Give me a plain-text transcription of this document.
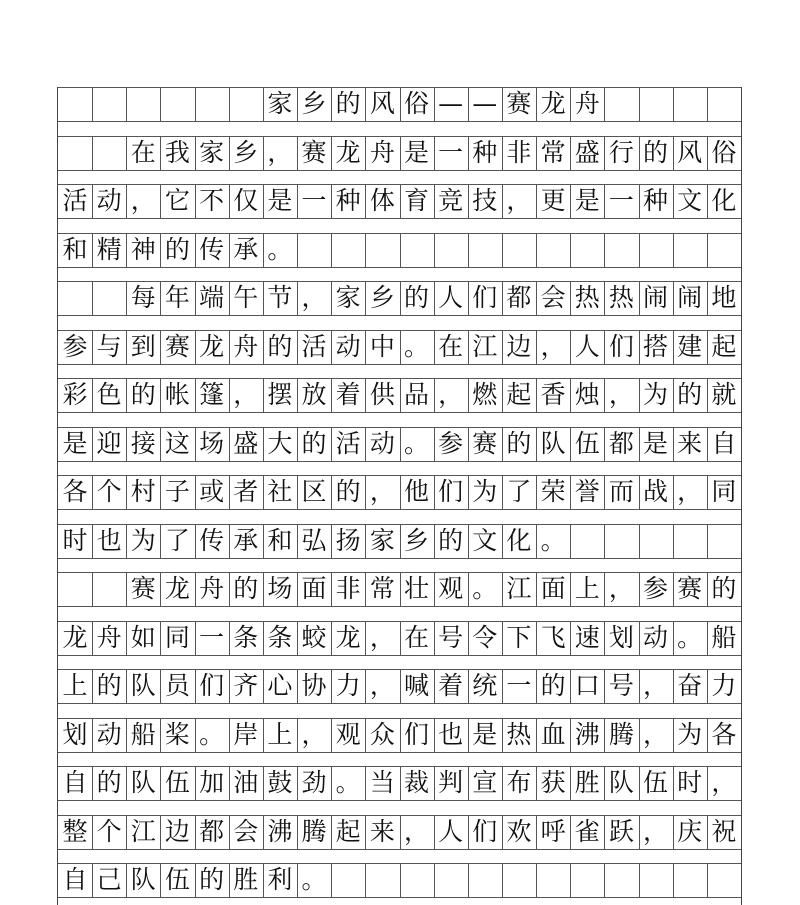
家 乡 的 风 俗 — — 赛 龙 舟
在 我 家 乡 ， 赛 龙 舟 是 一 种 非 常 盛 行 的 风 俗
活 动 ， 它 不 仅 是 一 种 体 育 竞 技 ， 更 是 一 种 文 化
和 精 神 的 传 承 。
每 年 端 午 节 ， 家 乡 的 人 们 都 会 热 热 闹 闹 地
参 与 到 赛 龙 舟 的 活 动 中 。 在 江 边 ， 人 们 搭 建 起
彩 色 的 帐 篷 ， 摆 放 着 供 品 ， 燃 起 香 烛 ， 为 的 就
是 迎 接 这 场 盛 大 的 活 动 。 参 赛 的 队 伍 都 是 来 自
各 个 村 子 或 者 社 区 的 ， 他 们 为 了 荣 誉 而 战 ， 同
时 也 为 了 传 承 和 弘 扬 家 乡 的 文 化 。
赛 龙 舟 的 场 面 非 常 壮 观 。 江 面 上 ， 参 赛 的
龙 舟 如 同 一 条 条 蛟 龙 ， 在 号 令 下 飞 速 划 动 。 船
上 的 队 员 们 齐 心 协 力 ， 喊 着 统 一 的 口 号 ， 奋 力
划 动 船 桨 。 岸 上 ， 观 众 们 也 是 热 血 沸 腾 ， 为 各
自 的 队 伍 加 油 鼓 劲 。 当 裁 判 宣 布 获 胜 队 伍 时 ，
整 个 江 边 都 会 沸 腾 起 来 ， 人 们 欢 呼 雀 跃 ， 庆 祝
自 己 队 伍 的 胜 利 。
